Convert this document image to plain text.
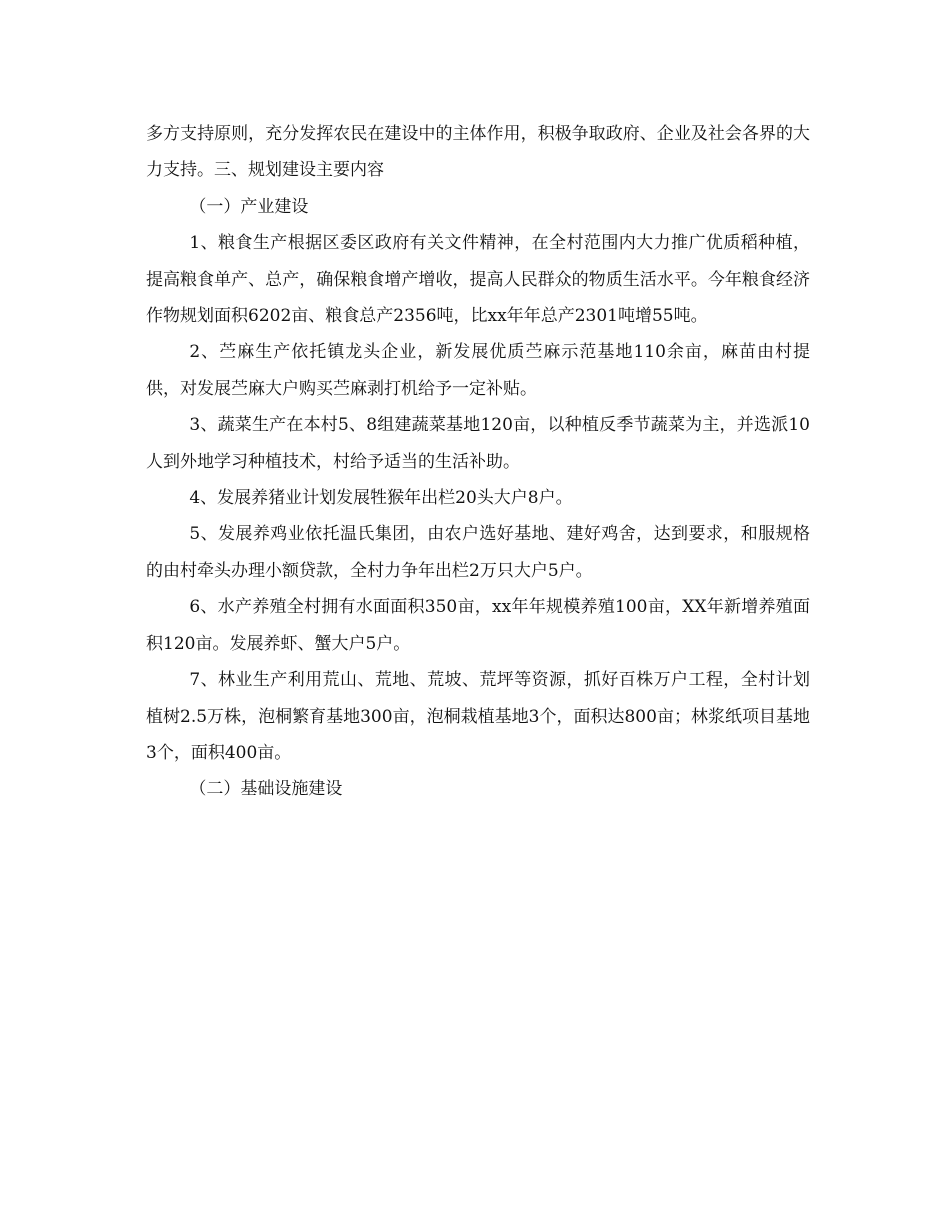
多方支持原则，充分发挥农民在建设中的主体作用，积极争取政府、企业及社会各界的大力支持。三、规划建设主要内容

（一）产业建设

1、粮食生产根据区委区政府有关文件精神，在全村范围内大力推广优质稻种植，提高粮食单产、总产，确保粮食增产增收，提高人民群众的物质生活水平。今年粮食经济作物规划面积6202亩、粮食总产2356吨，比xx年年总产2301吨增55吨。

2、苎麻生产依托镇龙头企业，新发展优质苎麻示范基地110余亩，麻苗由村提供，对发展苎麻大户购买苎麻剥打机给予一定补贴。

3、蔬菜生产在本村5、8组建蔬菜基地120亩，以种植反季节蔬菜为主，并选派10人到外地学习种植技术，村给予适当的生活补助。

4、发展养猪业计划发展牲猴年出栏20头大户8户。

5、发展养鸡业依托温氏集团，由农户选好基地、建好鸡舍，达到要求，和服规格的由村牵头办理小额贷款，全村力争年出栏2万只大户5户。

6、水产养殖全村拥有水面面积350亩，xx年年规模养殖100亩，XX年新增养殖面积120亩。发展养虾、蟹大户5户。

7、林业生产利用荒山、荒地、荒坡、荒坪等资源，抓好百株万户工程，全村计划植树2.5万株，泡桐繁育基地300亩，泡桐栽植基地3个，面积达800亩；林浆纸项目基地3个，面积400亩。

（二）基础设施建设
